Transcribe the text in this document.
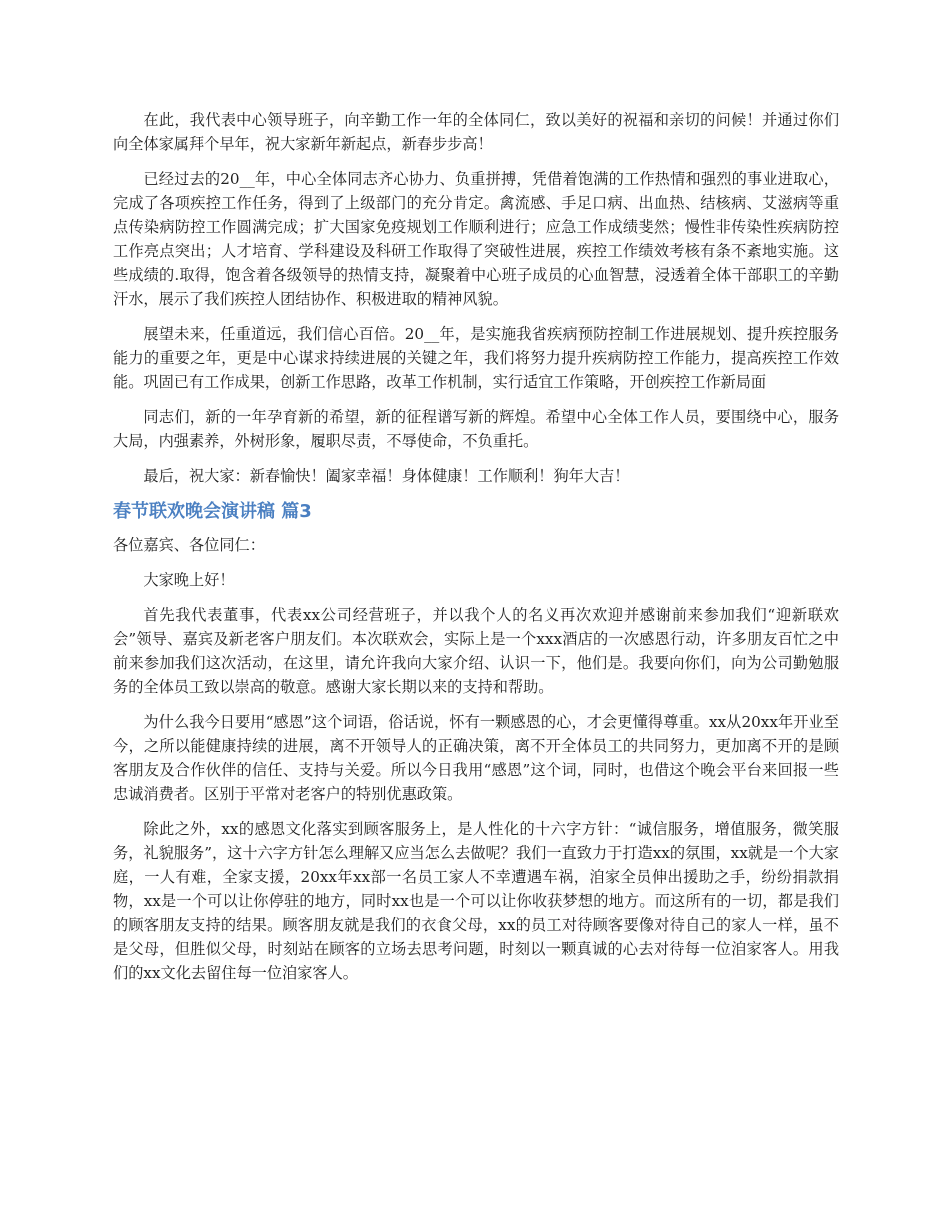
在此，我代表中心领导班子，向辛勤工作一年的全体同仁，致以美好的祝福和亲切的问候！并通过你们向全体家属拜个早年，祝大家新年新起点，新春步步高！

已经过去的20__年，中心全体同志齐心协力、负重拼搏，凭借着饱满的工作热情和强烈的事业进取心，完成了各项疾控工作任务，得到了上级部门的充分肯定。禽流感、手足口病、出血热、结核病、艾滋病等重点传染病防控工作圆满完成；扩大国家免疫规划工作顺利进行；应急工作成绩斐然；慢性非传染性疾病防控工作亮点突出；人才培育、学科建设及科研工作取得了突破性进展，疾控工作绩效考核有条不紊地实施。这些成绩的.取得，饱含着各级领导的热情支持，凝聚着中心班子成员的心血智慧，浸透着全体干部职工的辛勤汗水，展示了我们疾控人团结协作、积极进取的精神风貌。

展望未来，任重道远，我们信心百倍。20__年，是实施我省疾病预防控制工作进展规划、提升疾控服务能力的重要之年，更是中心谋求持续进展的关键之年，我们将努力提升疾病防控工作能力，提高疾控工作效能。巩固已有工作成果，创新工作思路，改革工作机制，实行适宜工作策略，开创疾控工作新局面

同志们，新的一年孕育新的希望，新的征程谱写新的辉煌。希望中心全体工作人员，要围绕中心，服务大局，内强素养，外树形象，履职尽责，不辱使命，不负重托。

最后，祝大家：新春愉快！阖家幸福！身体健康！工作顺利！狗年大吉！

春节联欢晚会演讲稿 篇3

各位嘉宾、各位同仁：

大家晚上好！

首先我代表董事，代表xx公司经营班子，并以我个人的名义再次欢迎并感谢前来参加我们“迎新联欢会”领导、嘉宾及新老客户朋友们。本次联欢会，实际上是一个xxx酒店的一次感恩行动，许多朋友百忙之中前来参加我们这次活动，在这里，请允许我向大家介绍、认识一下，他们是。我要向你们，向为公司勤勉服务的全体员工致以崇高的敬意。感谢大家长期以来的支持和帮助。

为什么我今日要用“感恩”这个词语，俗话说，怀有一颗感恩的心，才会更懂得尊重。xx从20xx年开业至今，之所以能健康持续的进展，离不开领导人的正确决策，离不开全体员工的共同努力，更加离不开的是顾客朋友及合作伙伴的信任、支持与关爱。所以今日我用“感恩”这个词，同时，也借这个晚会平台来回报一些忠诚消费者。区别于平常对老客户的特别优惠政策。

除此之外，xx的感恩文化落实到顾客服务上，是人性化的十六字方针：“诚信服务，增值服务，微笑服务，礼貌服务”，这十六字方针怎么理解又应当怎么去做呢？我们一直致力于打造xx的氛围，xx就是一个大家庭，一人有难，全家支援，20xx年xx部一名员工家人不幸遭遇车祸，洎家全员伸出援助之手，纷纷捐款捐物，xx是一个可以让你停驻的地方，同时xx也是一个可以让你收获梦想的地方。而这所有的一切，都是我们的顾客朋友支持的结果。顾客朋友就是我们的衣食父母，xx的员工对待顾客要像对待自己的家人一样，虽不是父母，但胜似父母，时刻站在顾客的立场去思考问题，时刻以一颗真诚的心去对待每一位洎家客人。用我们的xx文化去留住每一位洎家客人。
